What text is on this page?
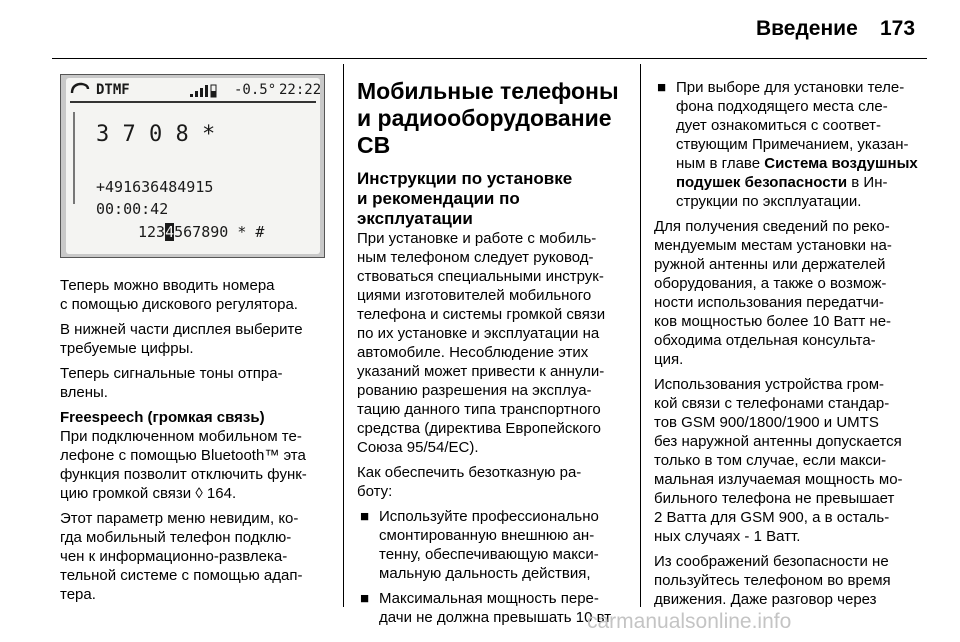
Введение 173
DTMF	-0.5° 22:22
3 7 0 8 *
+491636484915
00:00:42
1234567890 * #

Теперь можно вводить номера
с помощью дискового регулятора.

В нижней части дисплея выберите
требуемые цифры.

Теперь сигнальные тоны отпра-
влены.

Freespeech (громкая связь)

При подключенном мобильном те-
лефоне с помощью Bluetooth™ эта
функция позволит отключить функ-
цию громкой связи ◊ 164.

Этот параметр меню невидим, ко-
гда мобильный телефон подклю-
чен к информационно-развлека-
тельной системе с помощью адап-
тера.

Мобильные телефоны
и радиооборудование СВ
Инструкции по установке
и рекомендации по
эксплуатации

При установке и работе с мобиль-
ным телефоном следует руковод-
ствоваться специальными инструк-
циями изготовителей мобильного
телефона и системы громкой связи
по их установке и эксплуатации на
автомобиле. Несоблюдение этих
указаний может привести к аннули-
рованию разрешения на эксплуа-
тацию данного типа транспортного
средства (директива Европейского
Союза 95/54/ЕС).

Как обеспечить безотказную ра-
боту:

■ Используйте профессионально
смонтированную внешнюю ан-
тенну, обеспечивающую макси-
мальную дальность действия,
■ Максимальная мощность пере-
дачи не должна превышать 10 вт,
■ При выборе для установки теле-
фона подходящего места сле-
дует ознакомиться с соответ-
ствующим Примечанием, указан-
ным в главе Система воздушных
подушек безопасности в Ин-
струкции по эксплуатации.

Для получения сведений по реко-
мендуемым местам установки на-
ружной антенны или держателей
оборудования, а также о возмож-
ности использования передатчи-
ков мощностью более 10 Ватт не-
обходима отдельная консульта-
ция.

Использования устройства гром-
кой связи с телефонами стандар-
тов GSM 900/1800/1900 и UMTS
без наружной антенны допускается
только в том случае, если макси-
мальная излучаемая мощность мо-
бильного телефона не превышает
2 Ватта для GSM 900, а в осталь-
ных случаях - 1 Ватт.

Из соображений безопасности не
пользуйтесь телефоном во время
движения. Даже разговор через

carmanualsonline.info
